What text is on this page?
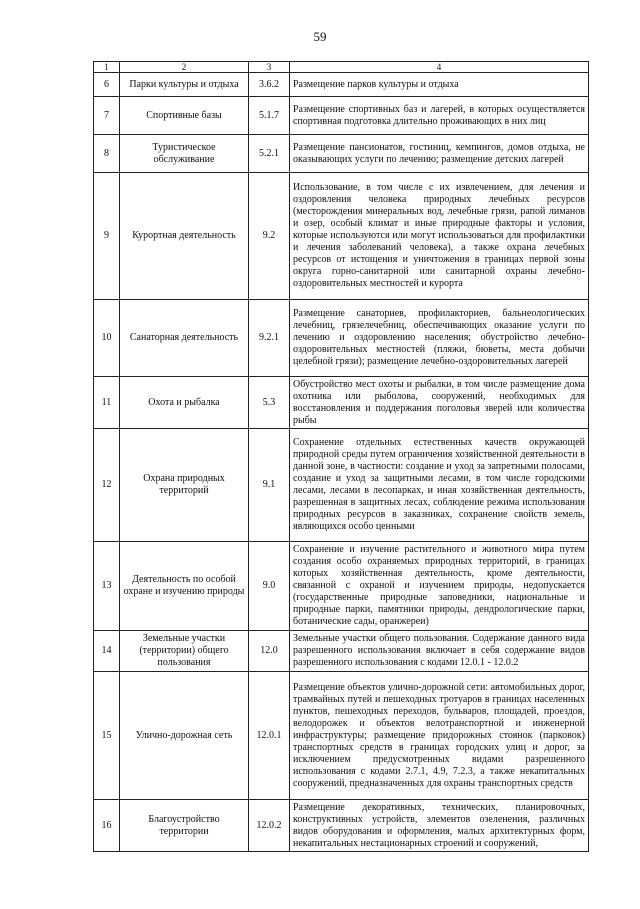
59
1	2	3	4
6	Парки культуры и отдыха	3.6.2	Размещение парков культуры и отдыха
7	Спортивные базы	5.1.7	Размещение спортивных баз и лагерей, в которых осуществляется спортивная подготовка длительно проживающих в них лиц
8	Туристическое обслуживание	5.2.1	Размещение пансионатов, гостиниц, кемпингов, домов отдыха, не оказывающих услуги по лечению; размещение детских лагерей
9	Курортная деятельность	9.2	Использование, в том числе с их извлечением, для лечения и оздоровления человека природных лечебных ресурсов (месторождения минеральных вод, лечебные грязи, рапой лиманов и озер, особый климат и иные природные факторы и условия, которые используются или могут использоваться для профилактики и лечения заболеваний человека), а также охрана лечебных ресурсов от истощения и уничтожения в границах первой зоны округа горно-санитарной или санитарной охраны лечебно-оздоровительных местностей и курорта
10	Санаторная деятельность	9.2.1	Размещение санаториев, профилакториев, бальнеологических лечебниц, грязелечебниц, обеспечивающих оказание услуги по лечению и оздоровлению населения; обустройство лечебно-оздоровительных местностей (пляжи, бюветы, места добычи целебной грязи); размещение лечебно-оздоровительных лагерей
11	Охота и рыбалка	5.3	Обустройство мест охоты и рыбалки, в том числе размещение дома охотника или рыболова, сооружений, необходимых для восстановления и поддержания поголовья зверей или количества рыбы
12	Охрана природных территорий	9.1	Сохранение отдельных естественных качеств окружающей природной среды путем ограничения хозяйственной деятельности в данной зоне, в частности: создание и уход за запретными полосами, создание и уход за защитными лесами, в том числе городскими лесами, лесами в лесопарках, и иная хозяйственная деятельность, разрешенная в защитных лесах, соблюдение режима использования природных ресурсов в заказниках, сохранение свойств земель, являющихся особо ценными
13	Деятельность по особой охране и изучению природы	9.0	Сохранение и изучение растительного и животного мира путем создания особо охраняемых природных территорий, в границах которых хозяйственная деятельность, кроме деятельности, связанной с охраной и изучением природы, недопускается (государственные природные заповедники, национальные и природные парки, памятники природы, дендрологические парки, ботанические сады, оранжереи)
14	Земельные участки (территории) общего пользования	12.0	Земельные участки общего пользования. Содержание данного вида разрешенного использования включает в себя содержание видов разрешенного использования с кодами 12.0.1 - 12.0.2
15	Улично-дорожная сеть	12.0.1	Размещение объектов улично-дорожной сети: автомобильных дорог, трамвайных путей и пешеходных тротуаров в границах населенных пунктов, пешеходных переходов, бульваров, площадей, проездов, велодорожек и объектов велотранспортной и инженерной инфраструктуры; размещение придорожных стоянок (парковок) транспортных средств в границах городских улиц и дорог, за исключением предусмотренных видами разрешенного использования с кодами 2.7.1, 4.9, 7.2.3, а также некапитальных сооружений, предназначенных для охраны транспортных средств
16	Благоустройство территории	12.0.2	Размещение декоративных, технических, планировочных, конструктивных устройств, элементов озеленения, различных видов оборудования и оформления, малых архитектурных форм, некапитальных нестационарных строений и сооружений,
